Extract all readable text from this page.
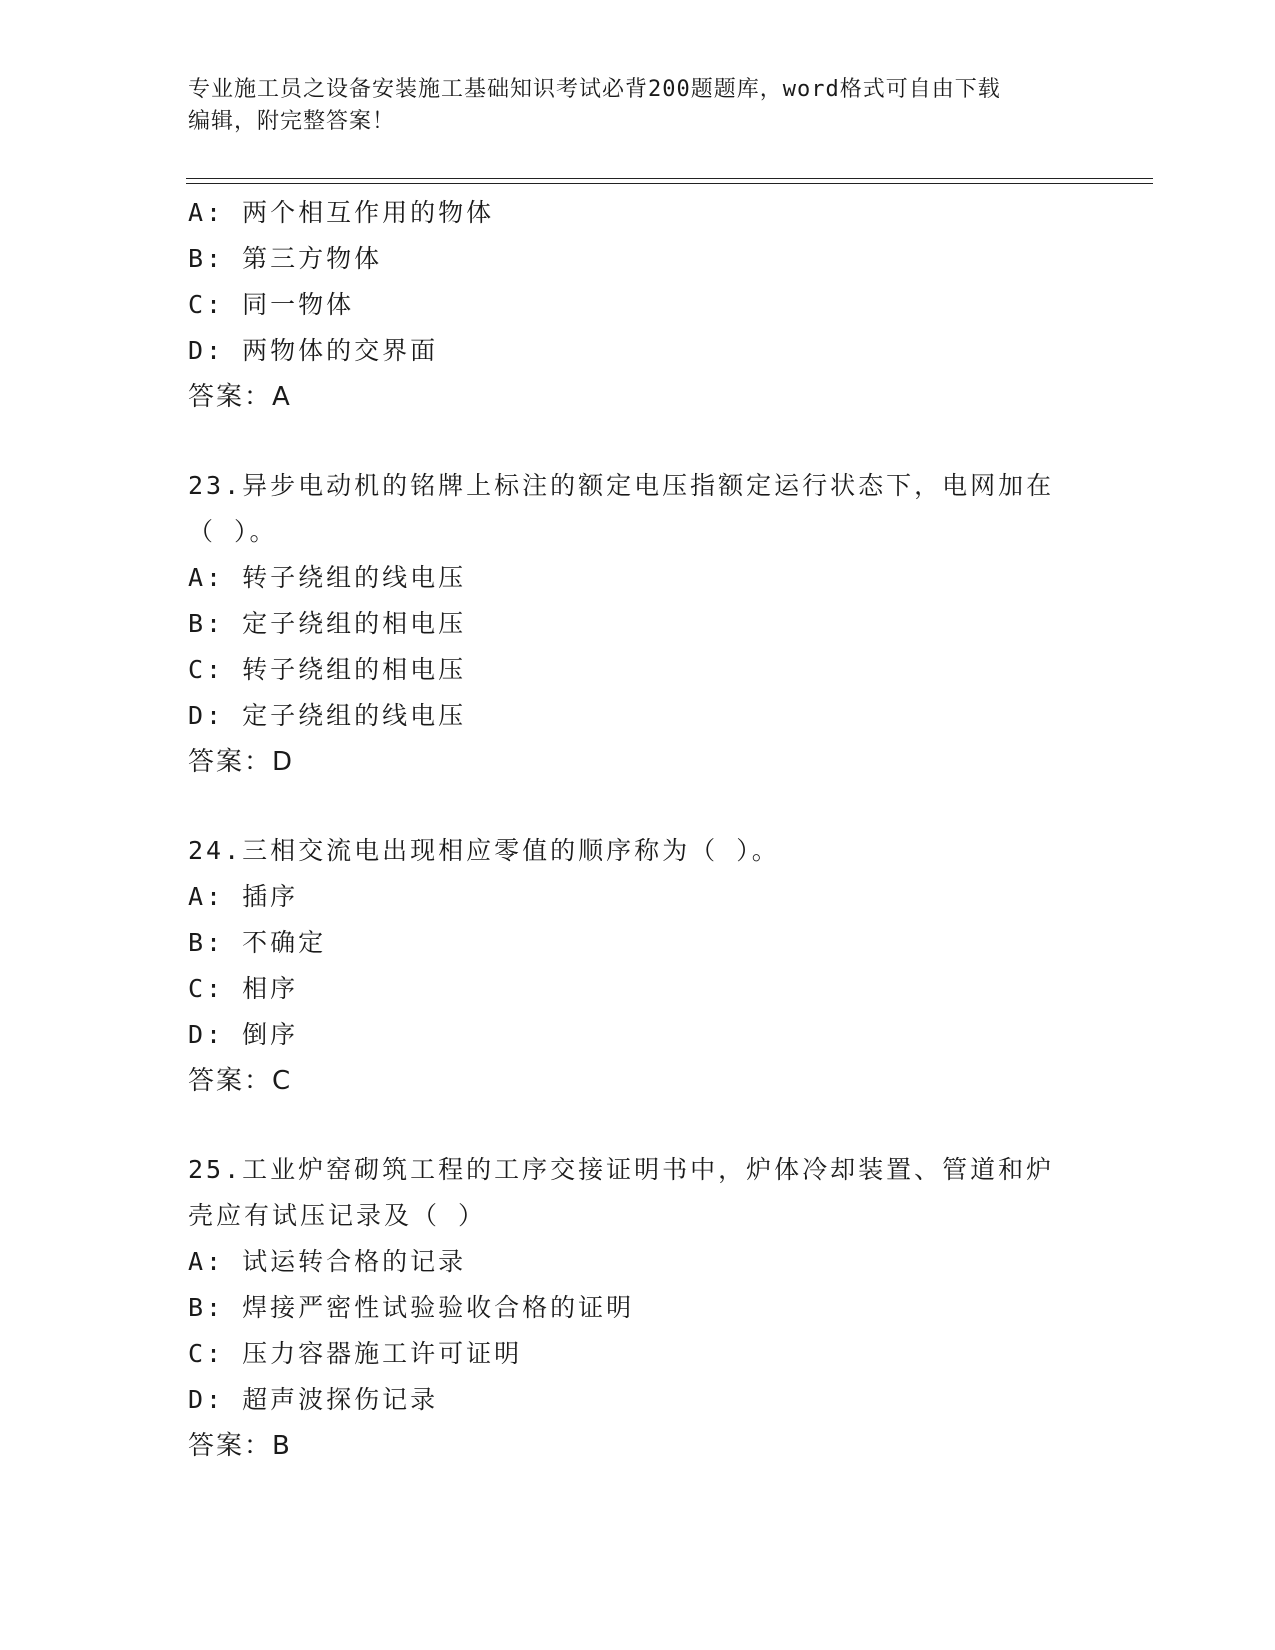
专业施工员之设备安装施工基础知识考试必背200题题库，word格式可自由下载
编辑，附完整答案！
A: 两个相互作用的物体
B: 第三方物体
C: 同一物体
D: 两物体的交界面
答案：A
23.异步电动机的铭牌上标注的额定电压指额定运行状态下，电网加在
（ ）。
A: 转子绕组的线电压
B: 定子绕组的相电压
C: 转子绕组的相电压
D: 定子绕组的线电压
答案：D
24.三相交流电出现相应零值的顺序称为（ ）。
A: 插序
B: 不确定
C: 相序
D: 倒序
答案：C
25.工业炉窑砌筑工程的工序交接证明书中，炉体冷却装置、管道和炉
壳应有试压记录及（ ）
A: 试运转合格的记录
B: 焊接严密性试验验收合格的证明
C: 压力容器施工许可证明
D: 超声波探伤记录
答案：B
